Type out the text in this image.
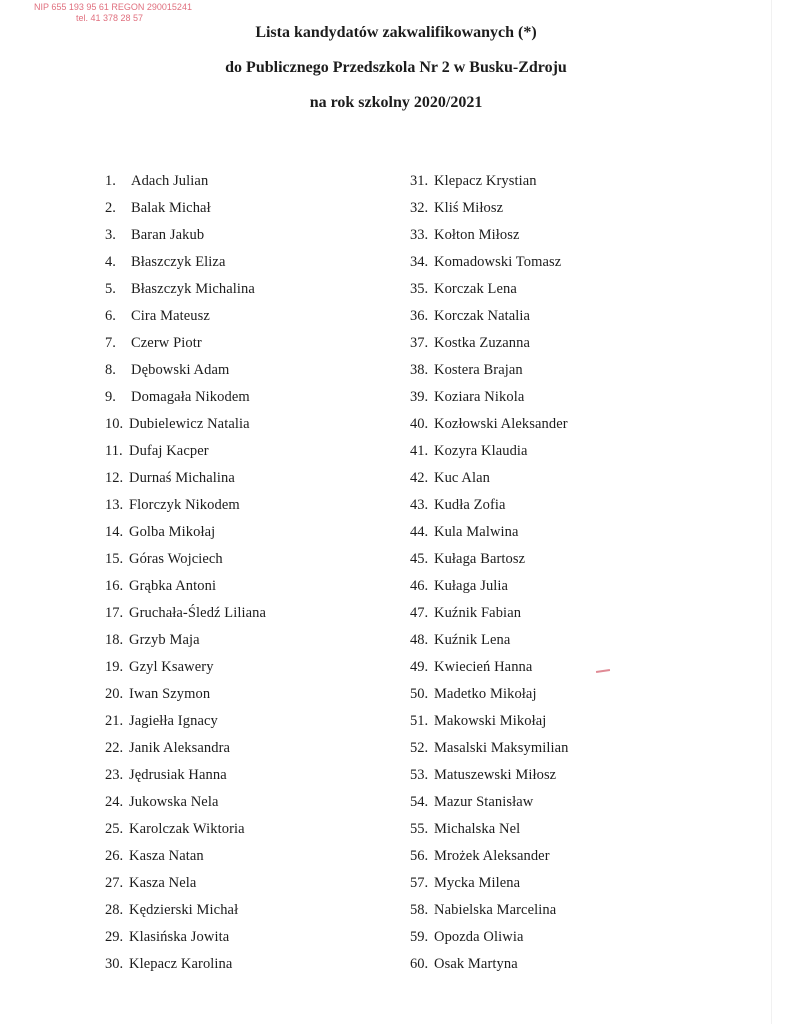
NIP 655 193 95 61 REGON 290015241
tel. 41 378 28 57
Lista kandydatów zakwalifikowanych (*)
do Publicznego Przedszkola Nr 2 w Busku-Zdroju
na rok szkolny 2020/2021
1. Adach Julian
2. Balak Michał
3. Baran Jakub
4. Błaszczyk Eliza
5. Błaszczyk Michalina
6. Cira Mateusz
7. Czerw Piotr
8. Dębowski Adam
9. Domagała Nikodem
10. Dubielewicz Natalia
11. Dufaj Kacper
12. Durnaś Michalina
13. Florczyk Nikodem
14. Golba Mikołaj
15. Góras Wojciech
16. Grąbka Antoni
17. Gruchała-Śledź Liliana
18. Grzyb Maja
19. Gzyl Ksawery
20. Iwan Szymon
21. Jagiełła Ignacy
22. Janik Aleksandra
23. Jędrusiak Hanna
24. Jukowska Nela
25. Karolczak Wiktoria
26. Kasza Natan
27. Kasza Nela
28. Kędzierski Michał
29. Klasińska Jowita
30. Klepacz Karolina
31. Klepacz Krystian
32. Kliś Miłosz
33. Kołton Miłosz
34. Komadowski Tomasz
35. Korczak Lena
36. Korczak Natalia
37. Kostka Zuzanna
38. Kostera Brajan
39. Koziara Nikola
40. Kozłowski Aleksander
41. Kozyra Klaudia
42. Kuc Alan
43. Kudła Zofia
44. Kula Malwina
45. Kułaga Bartosz
46. Kułaga Julia
47. Kuźnik Fabian
48. Kuźnik Lena
49. Kwiecień Hanna
50. Madetko Mikołaj
51. Makowski Mikołaj
52. Masalski Maksymilian
53. Matuszewski Miłosz
54. Mazur Stanisław
55. Michalska Nel
56. Mrożek Aleksander
57. Mycka Milena
58. Nabielska Marcelina
59. Opozda Oliwia
60. Osak Martyna
